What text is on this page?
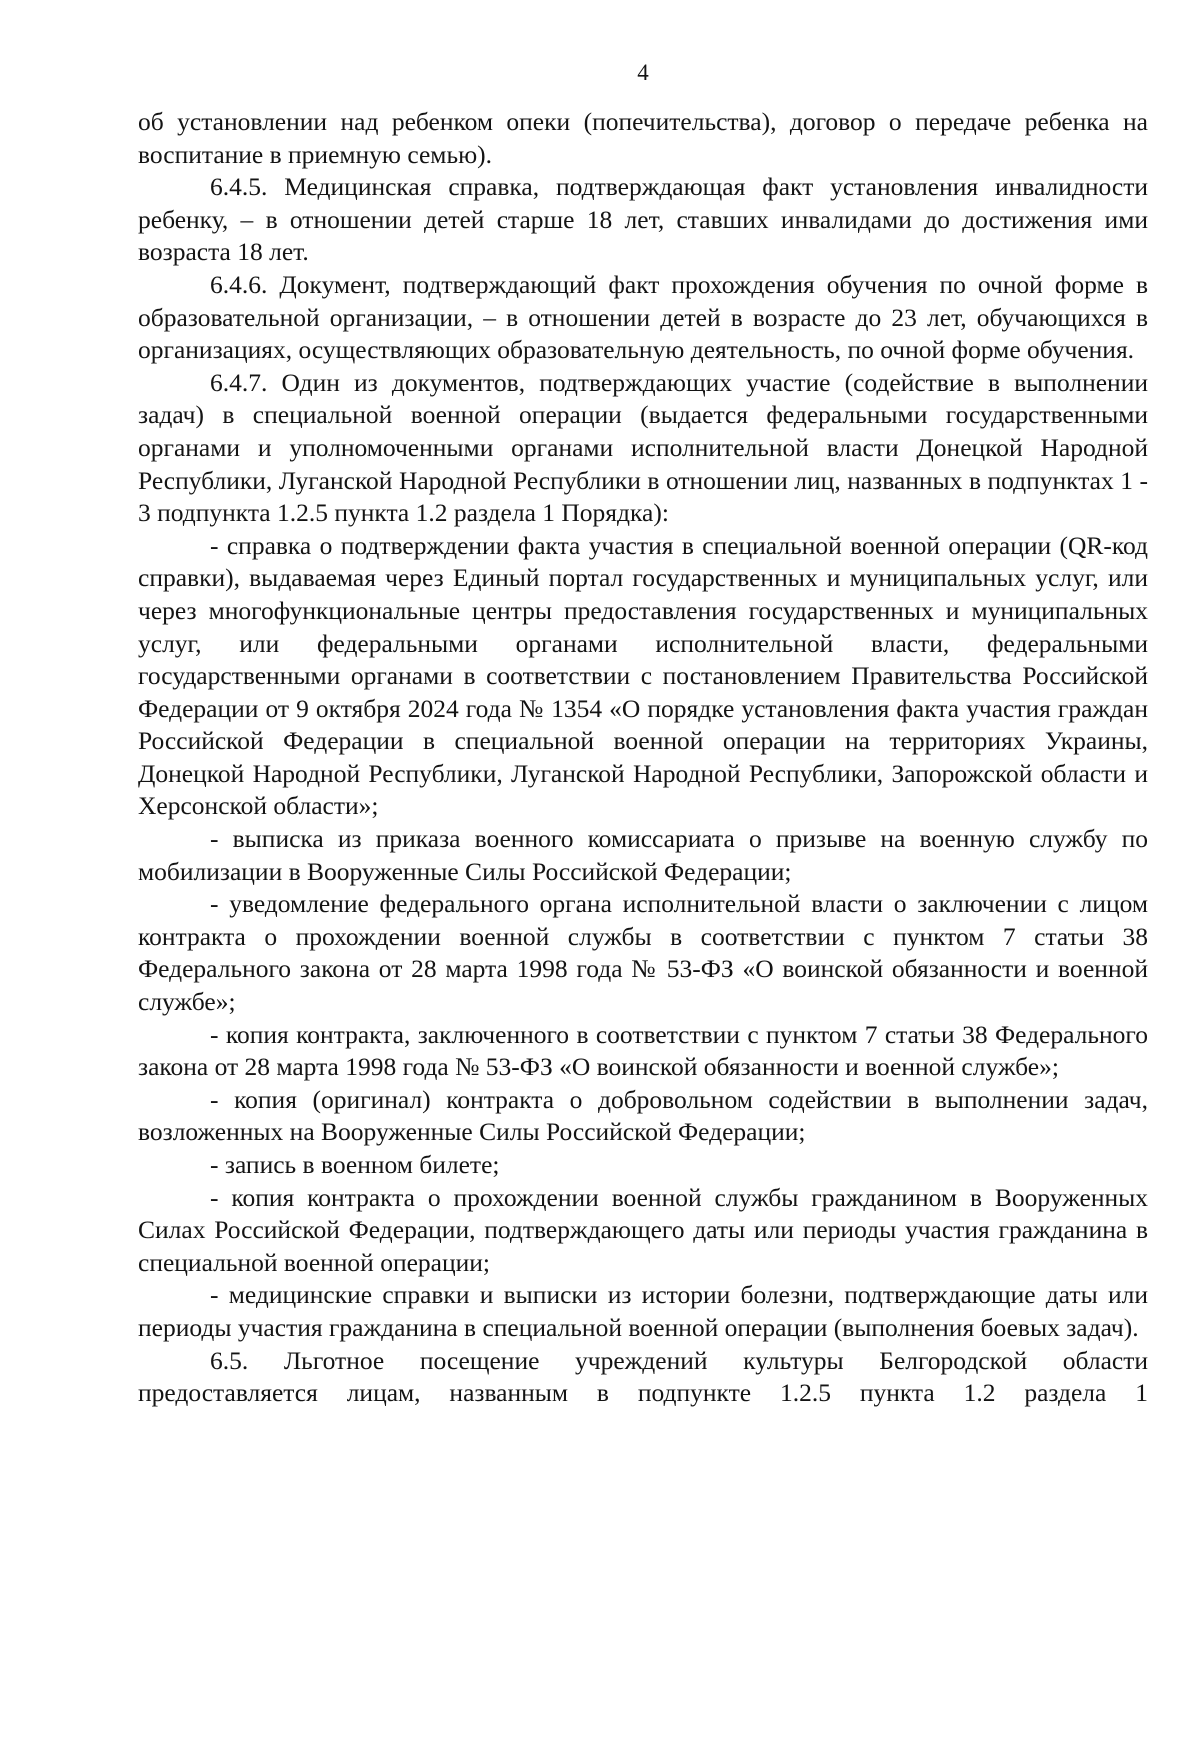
4

об установлении над ребенком опеки (попечительства), договор о передаче ребенка на воспитание в приемную семью).

6.4.5. Медицинская справка, подтверждающая факт установления инвалидности ребенку, – в отношении детей старше 18 лет, ставших инвалидами до достижения ими возраста 18 лет.

6.4.6. Документ, подтверждающий факт прохождения обучения по очной форме в образовательной организации, – в отношении детей в возрасте до 23 лет, обучающихся в организациях, осуществляющих образовательную деятельность, по очной форме обучения.

6.4.7. Один из документов, подтверждающих участие (содействие в выполнении задач) в специальной военной операции (выдается федеральными государственными органами и уполномоченными органами исполнительной власти Донецкой Народной Республики, Луганской Народной Республики в отношении лиц, названных в подпунктах 1 - 3 подпункта 1.2.5 пункта 1.2 раздела 1 Порядка):

- справка о подтверждении факта участия в специальной военной операции (QR-код справки), выдаваемая через Единый портал государственных и муниципальных услуг, или через многофункциональные центры предоставления государственных и муниципальных услуг, или федеральными органами исполнительной власти, федеральными государственными органами в соответствии с постановлением Правительства Российской Федерации от 9 октября 2024 года № 1354 «О порядке установления факта участия граждан Российской Федерации в специальной военной операции на территориях Украины, Донецкой Народной Республики, Луганской Народной Республики, Запорожской области и Херсонской области»;

- выписка из приказа военного комиссариата о призыве на военную службу по мобилизации в Вооруженные Силы Российской Федерации;

- уведомление федерального органа исполнительной власти о заключении с лицом контракта о прохождении военной службы в соответствии с пунктом 7 статьи 38 Федерального закона от 28 марта 1998 года № 53-ФЗ «О воинской обязанности и военной службе»;

- копия контракта, заключенного в соответствии с пунктом 7 статьи 38 Федерального закона от 28 марта 1998 года № 53-ФЗ «О воинской обязанности и военной службе»;

- копия (оригинал) контракта о добровольном содействии в выполнении задач, возложенных на Вооруженные Силы Российской Федерации;

- запись в военном билете;

- копия контракта о прохождении военной службы гражданином в Вооруженных Силах Российской Федерации, подтверждающего даты или периоды участия гражданина в специальной военной операции;

- медицинские справки и выписки из истории болезни, подтверждающие даты или периоды участия гражданина в специальной военной операции (выполнения боевых задач).

6.5. Льготное посещение учреждений культуры Белгородской области предоставляется лицам, названным в подпункте 1.2.5 пункта 1.2 раздела 1
